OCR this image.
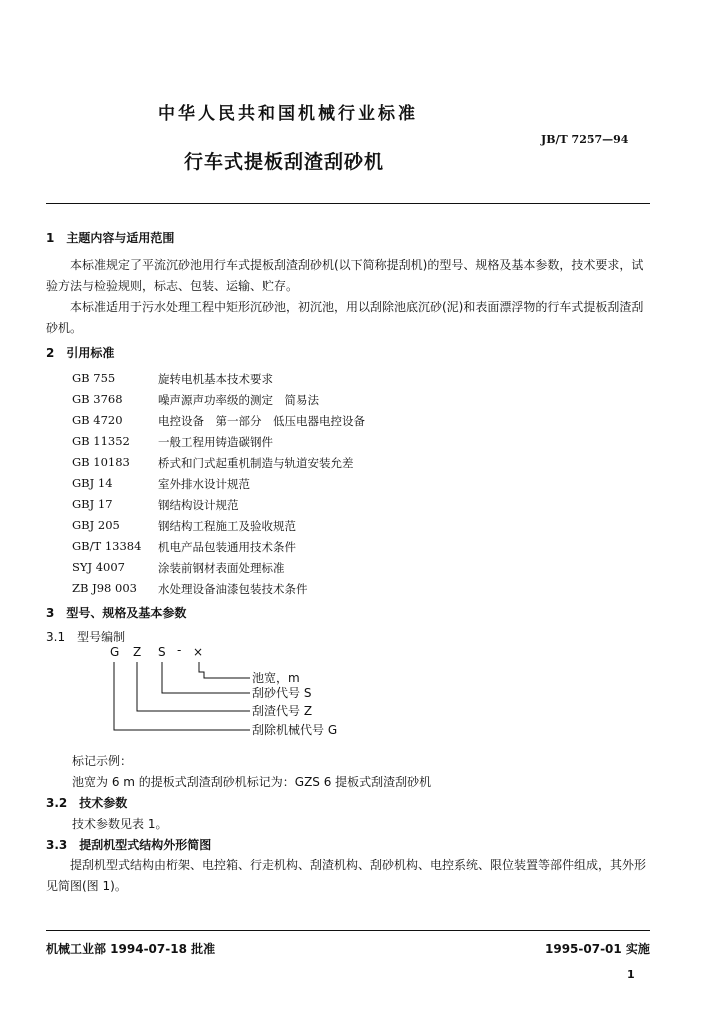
中华人民共和国机械行业标准
JB/T 7257—94
行车式提板刮渣刮砂机
1　主题内容与适用范围
本标准规定了平流沉砂池用行车式提板刮渣刮砂机(以下简称提刮机)的型号、规格及基本参数，技术要求，试验方法与检验规则，标志、包装、运输、贮存。
本标准适用于污水处理工程中矩形沉砂池，初沉池，用以刮除池底沉砂(泥)和表面漂浮物的行车式提板刮渣刮砂机。
2　引用标准
GB 755	旋转电机基本技术要求
GB 3768	噪声源声功率级的测定　简易法
GB 4720	电控设备　第一部分　低压电器电控设备
GB 11352 一般工程用铸造碳钢件
GB 10183 桥式和门式起重机制造与轨道安装允差
GBJ 14	室外排水设计规范
GBJ 17	钢结构设计规范
GBJ 205	钢结构工程施工及验收规范
GB/T 13384 机电产品包装通用技术条件
SYJ 4007	涂装前钢材表面处理标准
ZB J98 003 水处理设备油漆包装技术条件
3　型号、规格及基本参数
3.1　型号编制
G Z S - ×
池宽，m
刮砂代号 S
刮渣代号 Z
刮除机械代号 G
标记示例：
池宽为 6 m 的提板式刮渣刮砂机标记为：GZS 6 提板式刮渣刮砂机
3.2　技术参数
技术参数见表 1。
3.3　提刮机型式结构外形简图
提刮机型式结构由桁架、电控箱、行走机构、刮渣机构、刮砂机构、电控系统、限位装置等部件组成，其外形见简图(图 1)。
机械工业部 1994-07-18 批准	1995-07-01 实施
1
